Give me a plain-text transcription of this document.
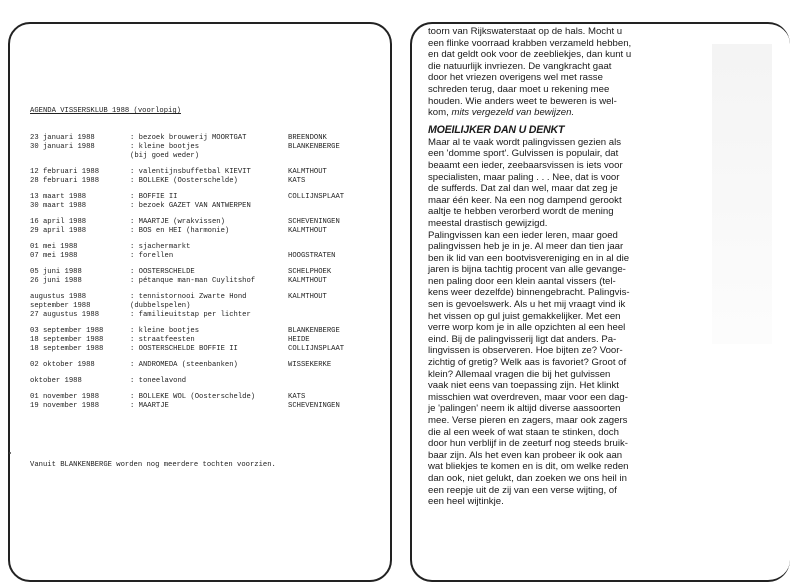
AGENDA VISSERSKLUB 1988 (voorlopig)
23 januari 1988	: bezoek brouwerij MOORTGAT	BREENDONK
30 januari 1988	: kleine bootjes	BLANKENBERGE
(bij goed weder)
12 februari 1988	: valentijnsbuffetbal KIEVIT	KALMTHOUT
28 februari 1988	: BOLLEKE (Oosterschelde)	KATS
13 maart 1988	: BOFFIE II	COLLIJNSPLAAT
30 maart 1988	: bezoek GAZET VAN ANTWERPEN
16 april 1988	: MAARTJE (wrakvissen)	SCHEVENINGEN
29 april 1988	: BOS en HEI (harmonie)	KALMTHOUT
01 mei 1988	: sjachermarkt
07 mei 1988	: forellen	HOOGSTRATEN
05 juni 1988	: OOSTERSCHELDE	SCHELPHOEK
26 juni 1988	: pétanque man-man Cuylitshof	KALMTHOUT
augustus 1988	: tennistornooi Zwarte Hond	KALMTHOUT
september 1988	(dubbelspelen)
27 augustus 1988	: familieuitstap per lichter
03 september 1988	: kleine bootjes	BLANKENBERGE
18 september 1988	: straatfeesten	HEIDE
18 september 1988	: OOSTERSCHELDE BOFFIE II	COLLIJNSPLAAT
02 oktober 1988	: ANDROMEDA (steenbanken)	WISSEKERKE
oktober 1988	: toneelavond
01 november 1988	: BOLLEKE WOL (Oosterschelde)	KATS
19 november 1988	: MAARTJE	SCHEVENINGEN
Vanuit BLANKENBERGE worden nog meerdere tochten voorzien.

toorn van Rijkswaterstaat op de hals. Mocht u

een flinke voorraad krabben verzameld hebben,

en dat geldt ook voor de zeebliekjes, dan kunt u

die natuurlijk invriezen. De vangkracht gaat

door het vriezen overigens wel met rasse

schreden terug, daar moet u rekening mee

houden. Wie anders weet te beweren is wel-

kom, mits vergezeld van bewijzen.

MOEILIJKER DAN U DENKT

Maar al te vaak wordt palingvissen gezien als

een 'domme sport'. Gulvissen is populair, dat

beaamt een ieder, zeebaarsvissen is iets voor

specialisten, maar paling . . . Nee, dat is voor

de sufferds. Dat zal dan wel, maar dat zeg je

maar één keer. Na een nog dampend gerookt

aaltje te hebben verorberd wordt de mening

meestal drastisch gewijzigd.

Palingvissen kan een ieder leren, maar goed

palingvissen heb je in je. Al meer dan tien jaar

ben ik lid van een bootvisvereniging en in al die

jaren is bijna tachtig procent van alle gevange-

nen paling door een klein aantal vissers (tel-

kens weer dezelfde) binnengebracht. Palingvis-

sen is gevoelswerk. Als u het mij vraagt vind ik

het vissen op gul juist gemakkelijker. Met een

verre worp kom je in alle opzichten al een heel

eind. Bij de palingvisserij ligt dat anders. Pa-

lingvissen is observeren. Hoe bijten ze? Voor-

zichtig of gretig? Welk aas is favoriet? Groot of

klein? Allemaal vragen die bij het gulvissen

vaak niet eens van toepassing zijn. Het klinkt

misschien wat overdreven, maar voor een dag-

je 'palingen' neem ik altijd diverse aassoorten

mee. Verse pieren en zagers, maar ook zagers

die al een week of wat staan te stinken, doch

door hun verblijf in de zeeturf nog steeds bruik-

baar zijn. Als het even kan probeer ik ook aan

wat bliekjes te komen en is dit, om welke reden

dan ook, niet gelukt, dan zoeken we ons heil in

een reepje uit de zij van een verse wijting, of

een heel wijtinkje.
